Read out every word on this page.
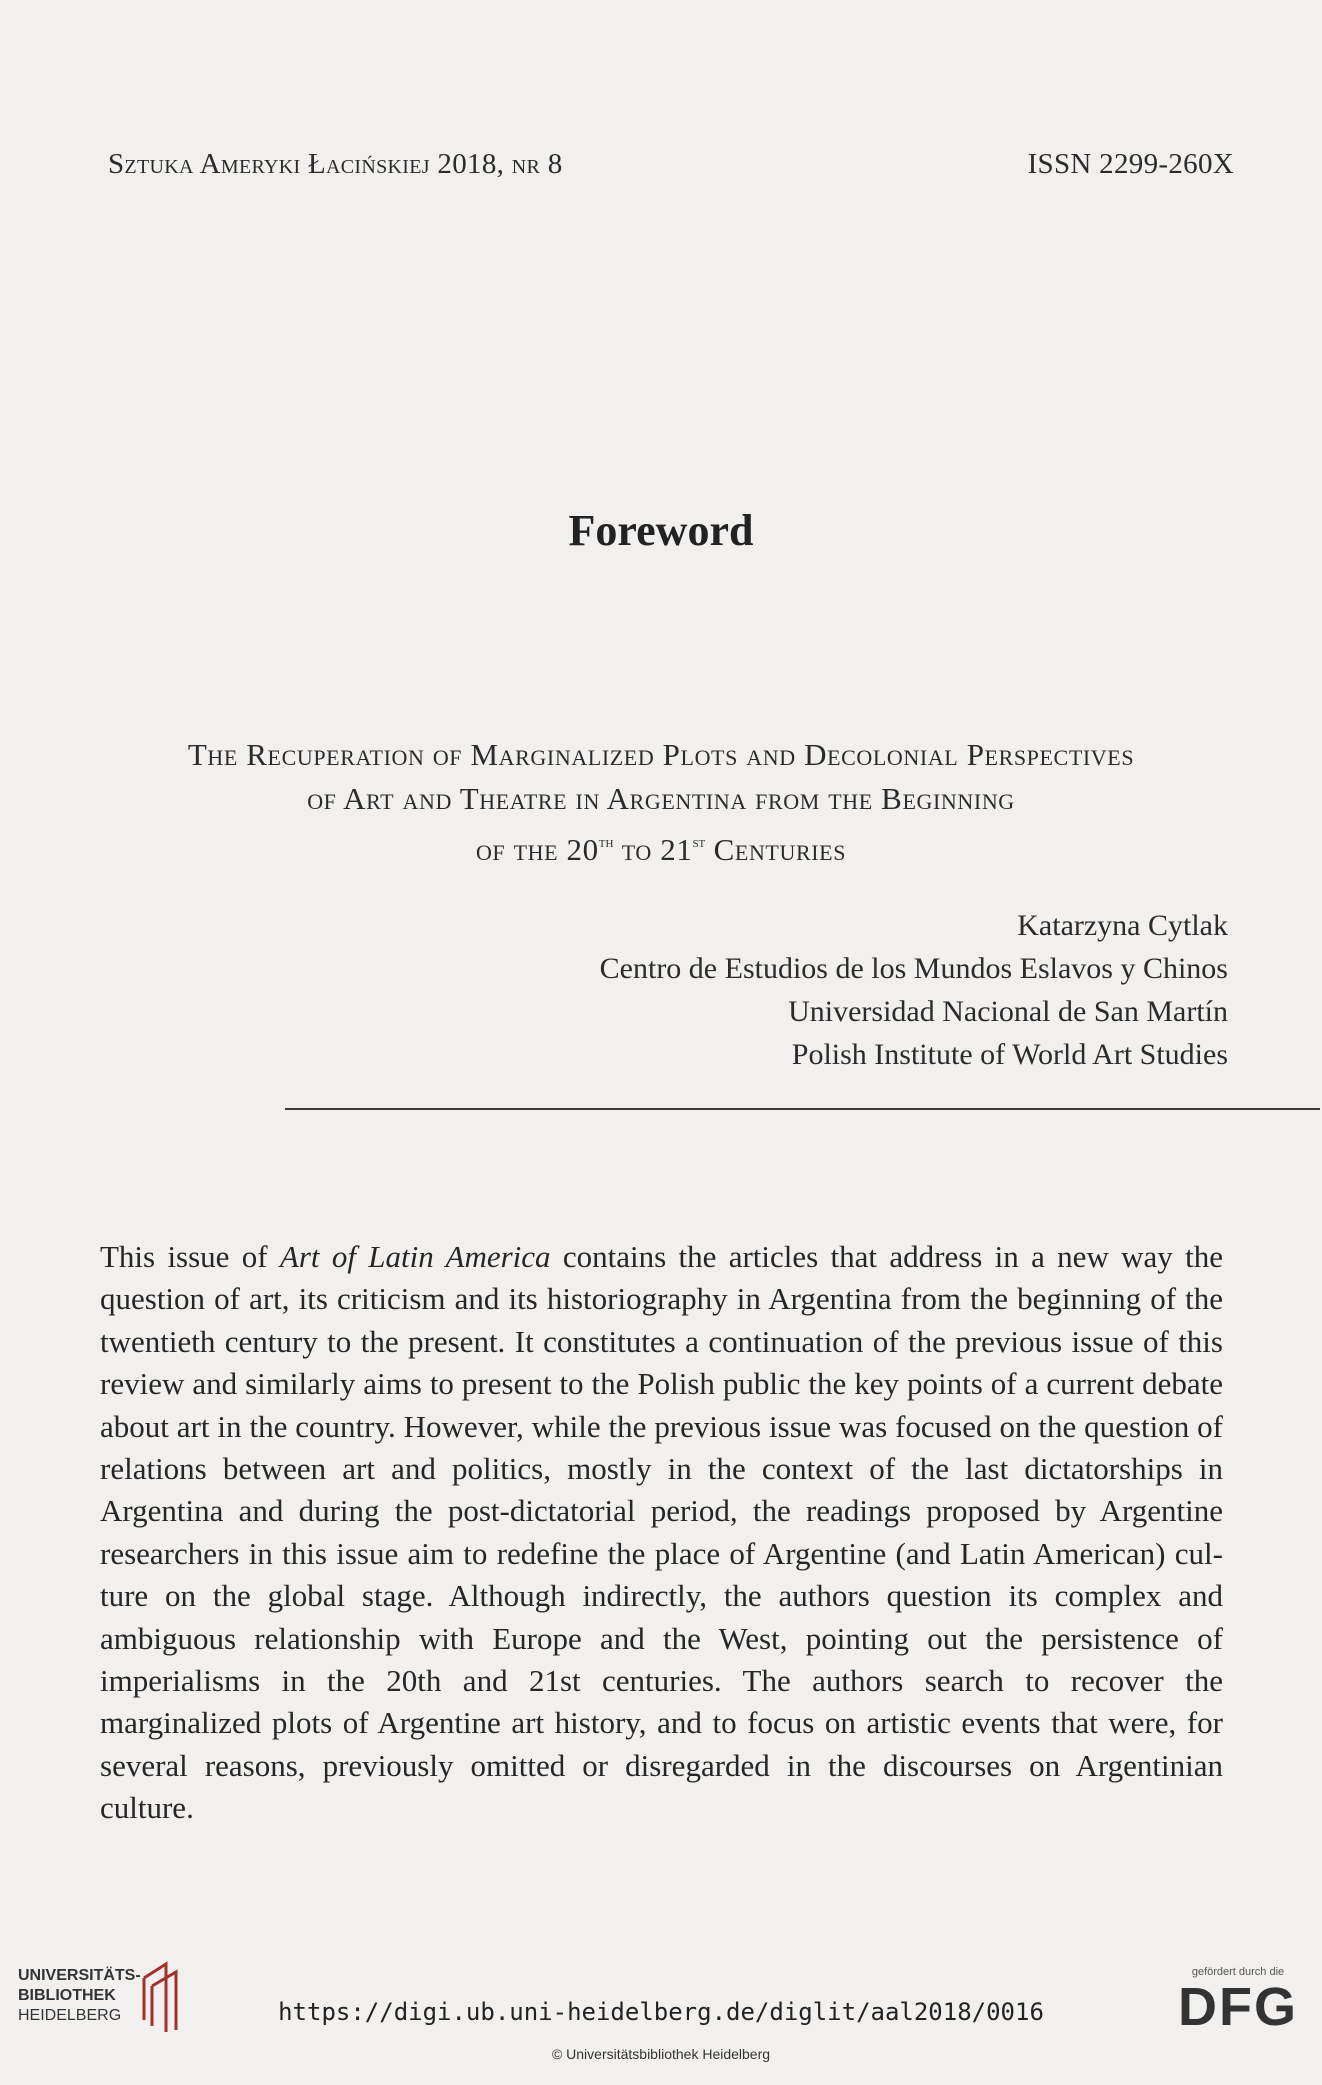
Sztuka Ameryki Łacińskiej 2018, nr 8	ISSN 2299-260X
Foreword
The Recuperation of Marginalized Plots and Decolonial Perspectives
of Art and Theatre in Argentina from the Beginning
of the 20th to 21st Centuries
Katarzyna Cytlak
Centro de Estudios de los Mundos Eslavos y Chinos
Universidad Nacional de San Martín
Polish Institute of World Art Studies
This issue of Art of Latin America contains the articles that address in a new way the question of art, its criticism and its historiography in Argentina from the beginning of the twentieth century to the present. It constitutes a continuation of the previous issue of this review and similarly aims to present to the Polish public the key points of a current debate about art in the country. However, while the previous issue was focused on the question of relations between art and politics, mostly in the context of the last dictatorships in Argentina and during the post-dictatorial period, the readings proposed by Argentine researchers in this issue aim to redefine the place of Argentine (and Latin American) culture on the global stage. Although indirectly, the authors question its complex and ambiguous relationship with Europe and the West, pointing out the persistence of imperialisms in the 20th and 21st centuries. The authors search to recover the marginalized plots of Argentine art history, and to focus on artistic events that were, for several reasons, previously omitted or disregarded in the discourses on Argentinian culture.
UNIVERSITÄTS-
BIBLIOTHEK
HEIDELBERG	https://digi.ub.uni-heidelberg.de/diglit/aal2018/0016
© Universitätsbibliothek Heidelberg
gefördert durch die
DFG
